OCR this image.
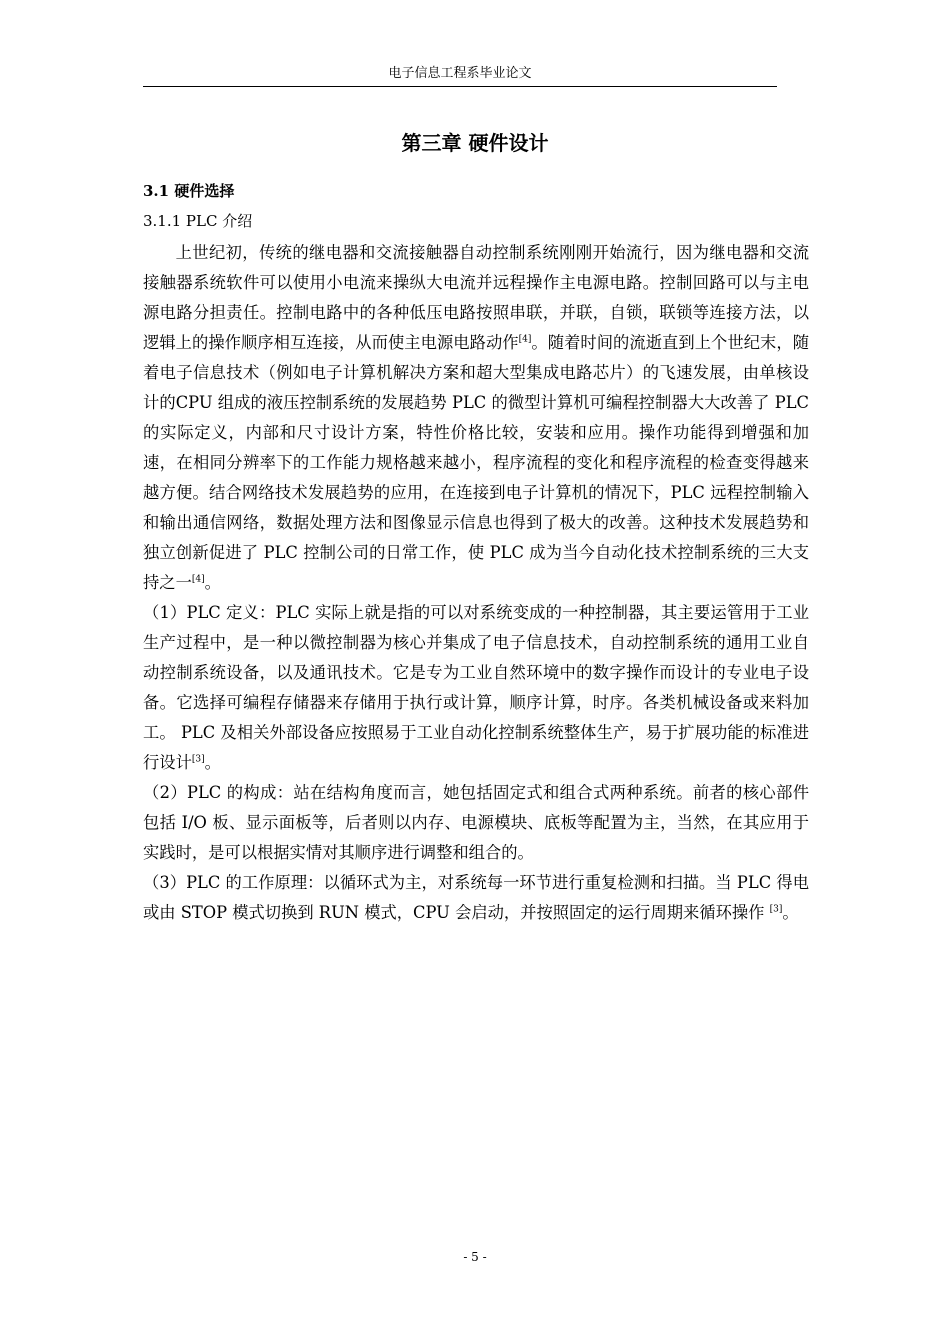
电子信息工程系毕业论文
第三章 硬件设计
3.1 硬件选择
3.1.1 PLC 介绍

上世纪初，传统的继电器和交流接触器自动控制系统刚刚开始流行，因为继电器和交流接触器系统软件可以使用小电流来操纵大电流并远程操作主电源电路。控制回路可以与主电源电路分担责任。控制电路中的各种低压电路按照串联，并联，自锁，联锁等连接方法，以逻辑上的操作顺序相互连接，从而使主电源电路动作[4]。随着时间的流逝直到上个世纪末，随着电子信息技术（例如电子计算机解决方案和超大型集成电路芯片）的飞速发展，由单核设计的CPU 组成的液压控制系统的发展趋势 PLC 的微型计算机可编程控制器大大改善了 PLC 的实际定义，内部和尺寸设计方案，特性价格比较，安装和应用。操作功能得到增强和加速，在相同分辨率下的工作能力规格越来越小，程序流程的变化和程序流程的检查变得越来越方便。结合网络技术发展趋势的应用，在连接到电子计算机的情况下，PLC 远程控制输入和输出通信网络，数据处理方法和图像显示信息也得到了极大的改善。这种技术发展趋势和独立创新促进了 PLC 控制公司的日常工作，使 PLC 成为当今自动化技术控制系统的三大支持之一[4]。

（1）PLC 定义：PLC 实际上就是指的可以对系统变成的一种控制器，其主要运管用于工业生产过程中，是一种以微控制器为核心并集成了电子信息技术，自动控制系统的通用工业自动控制系统设备，以及通讯技术。它是专为工业自然环境中的数字操作而设计的专业电子设备。它选择可编程存储器来存储用于执行或计算，顺序计算，时序。各类机械设备或来料加工。 PLC 及相关外部设备应按照易于工业自动化控制系统整体生产，易于扩展功能的标准进行设计[3]。

（2）PLC 的构成：站在结构角度而言，她包括固定式和组合式两种系统。前者的核心部件包括 I/O 板、显示面板等，后者则以内存、电源模块、底板等配置为主，当然，在其应用于实践时，是可以根据实情对其顺序进行调整和组合的。

（3）PLC 的工作原理：以循环式为主，对系统每一环节进行重复检测和扫描。当 PLC 得电或由 STOP 模式切换到 RUN 模式，CPU 会启动，并按照固定的运行周期来循环操作 [3]。

- 5 -
